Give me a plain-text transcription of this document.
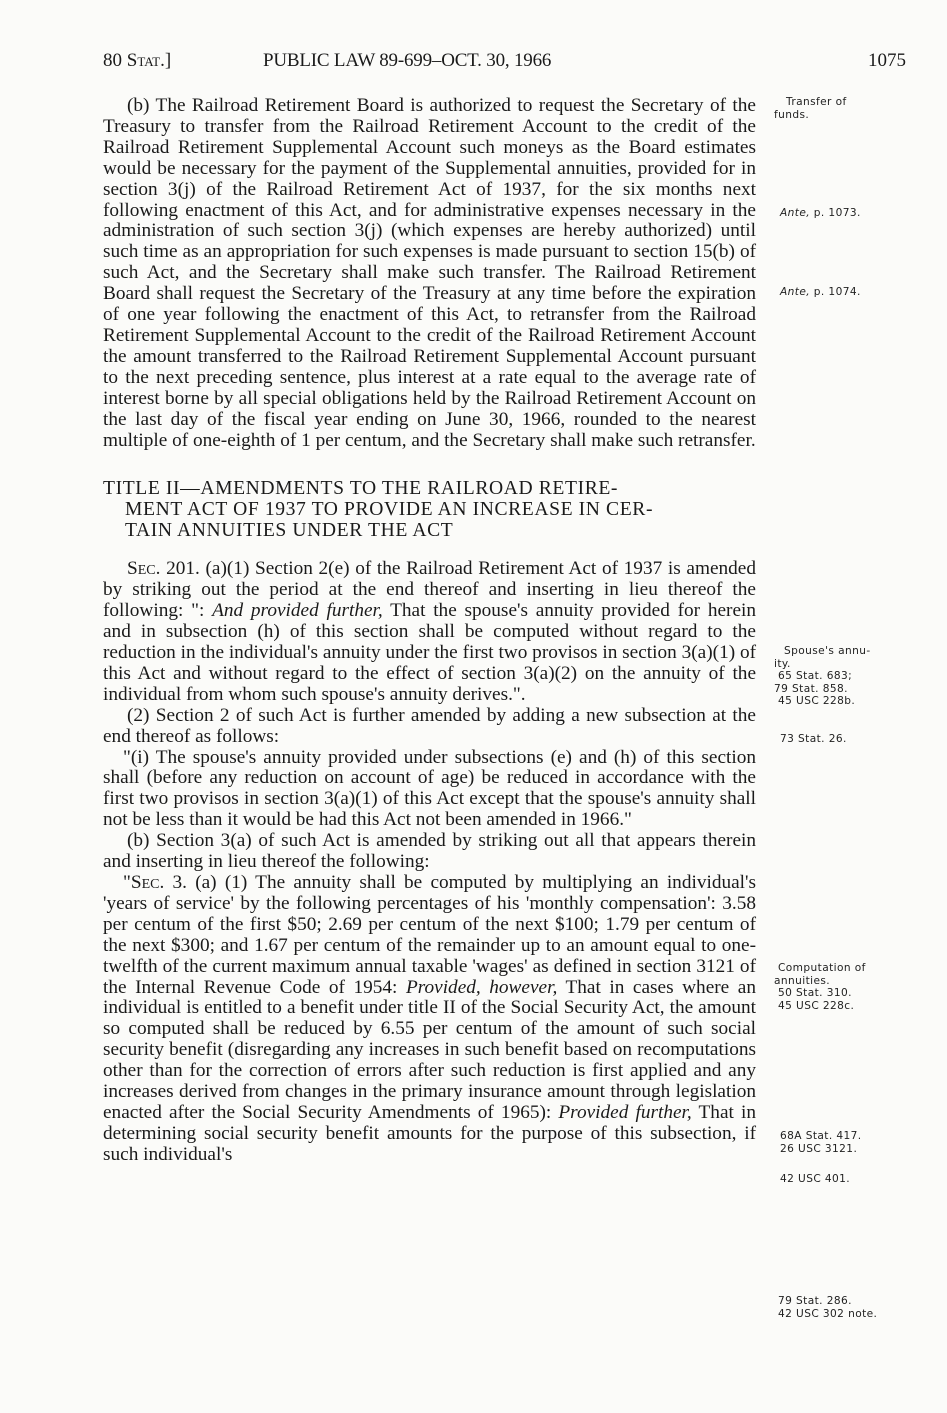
80 Stat.]	PUBLIC LAW 89-699–OCT. 30, 1966	1075

(b) The Railroad Retirement Board is authorized to request the Secretary of the Treasury to transfer from the Railroad Retirement Account to the credit of the Railroad Retirement Supplemental Account such moneys as the Board estimates would be necessary for the payment of the Supplemental annuities, provided for in section 3(j) of the Railroad Retirement Act of 1937, for the six months next following enactment of this Act, and for administrative expenses necessary in the administration of such section 3(j) (which expenses are hereby authorized) until such time as an appropriation for such expenses is made pursuant to section 15(b) of such Act, and the Secretary shall make such transfer. The Railroad Retirement Board shall request the Secretary of the Treasury at any time before the expiration of one year following the enactment of this Act, to retransfer from the Railroad Retirement Supplemental Account to the credit of the Railroad Retirement Account the amount transferred to the Railroad Retirement Supplemental Account pursuant to the next preceding sentence, plus interest at a rate equal to the average rate of interest borne by all special obligations held by the Railroad Retirement Account on the last day of the fiscal year ending on June 30, 1966, rounded to the nearest multiple of one-eighth of 1 per centum, and the Secretary shall make such retransfer.

TITLE II—AMENDMENTS TO THE RAILROAD RETIRE-
MENT ACT OF 1937 TO PROVIDE AN INCREASE IN CER-
TAIN ANNUITIES UNDER THE ACT

Sec. 201. (a)(1) Section 2(e) of the Railroad Retirement Act of 1937 is amended by striking out the period at the end thereof and inserting in lieu thereof the following: ": And provided further, That the spouse's annuity provided for herein and in subsection (h) of this section shall be computed without regard to the reduction in the individual's annuity under the first two provisos in section 3(a)(1) of this Act and without regard to the effect of section 3(a)(2) on the annuity of the individual from whom such spouse's annuity derives.".

(2) Section 2 of such Act is further amended by adding a new subsection at the end thereof as follows:

"(i) The spouse's annuity provided under subsections (e) and (h) of this section shall (before any reduction on account of age) be reduced in accordance with the first two provisos in section 3(a)(1) of this Act except that the spouse's annuity shall not be less than it would be had this Act not been amended in 1966."

(b) Section 3(a) of such Act is amended by striking out all that appears therein and inserting in lieu thereof the following:

"Sec. 3. (a) (1) The annuity shall be computed by multiplying an individual's 'years of service' by the following percentages of his 'monthly compensation': 3.58 per centum of the first $50; 2.69 per centum of the next $100; 1.79 per centum of the next $300; and 1.67 per centum of the remainder up to an amount equal to one-twelfth of the current maximum annual taxable 'wages' as defined in section 3121 of the Internal Revenue Code of 1954: Provided, however, That in cases where an individual is entitled to a benefit under title II of the Social Security Act, the amount so computed shall be reduced by 6.55 per centum of the amount of such social security benefit (disregarding any increases in such benefit based on recomputations other than for the correction of errors after such reduction is first applied and any increases derived from changes in the primary insurance amount through legislation enacted after the Social Security Amendments of 1965): Provided further, That in determining social security benefit amounts for the purpose of this subsection, if such individual's

Transfer of
funds.
Ante, p. 1073.
Ante, p. 1074.
Spouse's annu-
ity.
65 Stat. 683;
79 Stat. 858.
45 USC 228b.
73 Stat. 26.
Computation of
annuities.
50 Stat. 310.
45 USC 228c.
68A Stat. 417.
26 USC 3121.
42 USC 401.
79 Stat. 286.
42 USC 302 note.
